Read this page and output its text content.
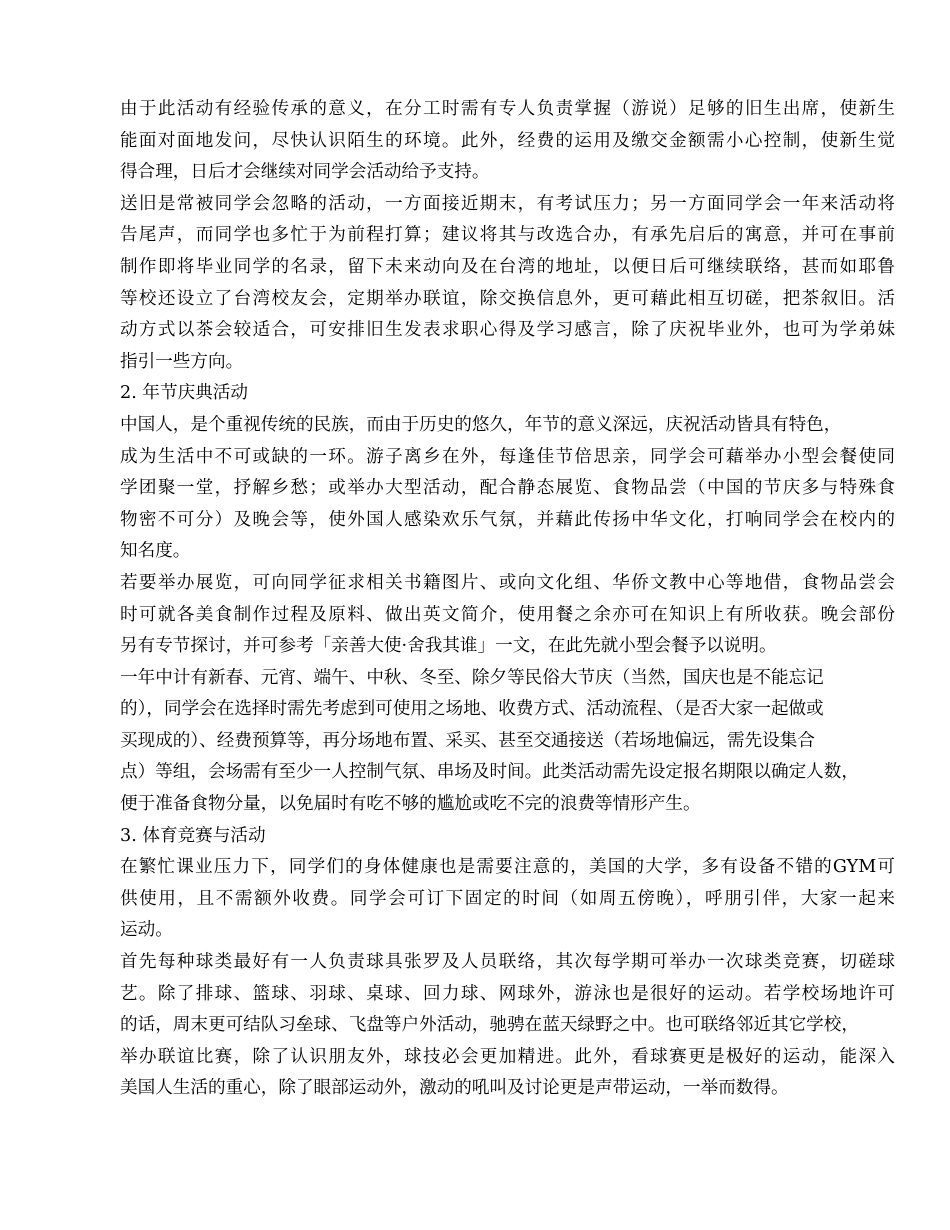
由于此活动有经验传承的意义，在分工时需有专人负责掌握（游说）足够的旧生出席，使新生
能面对面地发问，尽快认识陌生的环境。此外，经费的运用及缴交金额需小心控制，使新生觉
得合理，日后才会继续对同学会活动给予支持。
送旧是常被同学会忽略的活动，一方面接近期末，有考试压力；另一方面同学会一年来活动将
告尾声，而同学也多忙于为前程打算；建议将其与改选合办，有承先启后的寓意，并可在事前
制作即将毕业同学的名录，留下未来动向及在台湾的地址，以便日后可继续联络，甚而如耶鲁
等校还设立了台湾校友会，定期举办联谊，除交换信息外，更可藉此相互切磋，把茶叙旧。活
动方式以茶会较适合，可安排旧生发表求职心得及学习感言，除了庆祝毕业外，也可为学弟妹
指引一些方向。
2. 年节庆典活动
中国人，是个重视传统的民族，而由于历史的悠久，年节的意义深远，庆祝活动皆具有特色，
成为生活中不可或缺的一环。游子离乡在外，每逢佳节倍思亲，同学会可藉举办小型会餐使同
学团聚一堂，抒解乡愁；或举办大型活动，配合静态展览、食物品尝（中国的节庆多与特殊食
物密不可分）及晚会等，使外国人感染欢乐气氛，并藉此传扬中华文化，打响同学会在校内的
知名度。
若要举办展览，可向同学征求相关书籍图片、或向文化组、华侨文教中心等地借，食物品尝会
时可就各美食制作过程及原料、做出英文简介，使用餐之余亦可在知识上有所收获。晚会部份
另有专节探讨，并可参考「亲善大使·舍我其谁」一文，在此先就小型会餐予以说明。
一年中计有新春、元宵、端午、中秋、冬至、除夕等民俗大节庆（当然，国庆也是不能忘记
的），同学会在选择时需先考虑到可使用之场地、收费方式、活动流程、（是否大家一起做或
买现成的）、经费预算等，再分场地布置、采买、甚至交通接送（若场地偏远，需先设集合
点）等组，会场需有至少一人控制气氛、串场及时间。此类活动需先设定报名期限以确定人数，
便于准备食物分量，以免届时有吃不够的尴尬或吃不完的浪费等情形产生。
3. 体育竞赛与活动
在繁忙课业压力下，同学们的身体健康也是需要注意的，美国的大学，多有设备不错的GYM可
供使用，且不需额外收费。同学会可订下固定的时间（如周五傍晚），呼朋引伴，大家一起来
运动。
首先每种球类最好有一人负责球具张罗及人员联络，其次每学期可举办一次球类竞赛，切磋球
艺。除了排球、篮球、羽球、桌球、回力球、网球外，游泳也是很好的运动。若学校场地许可
的话，周末更可结队习垒球、飞盘等户外活动，驰骋在蓝天绿野之中。也可联络邻近其它学校，
举办联谊比赛，除了认识朋友外，球技必会更加精进。此外，看球赛更是极好的运动，能深入
美国人生活的重心，除了眼部运动外，激动的吼叫及讨论更是声带运动，一举而数得。
